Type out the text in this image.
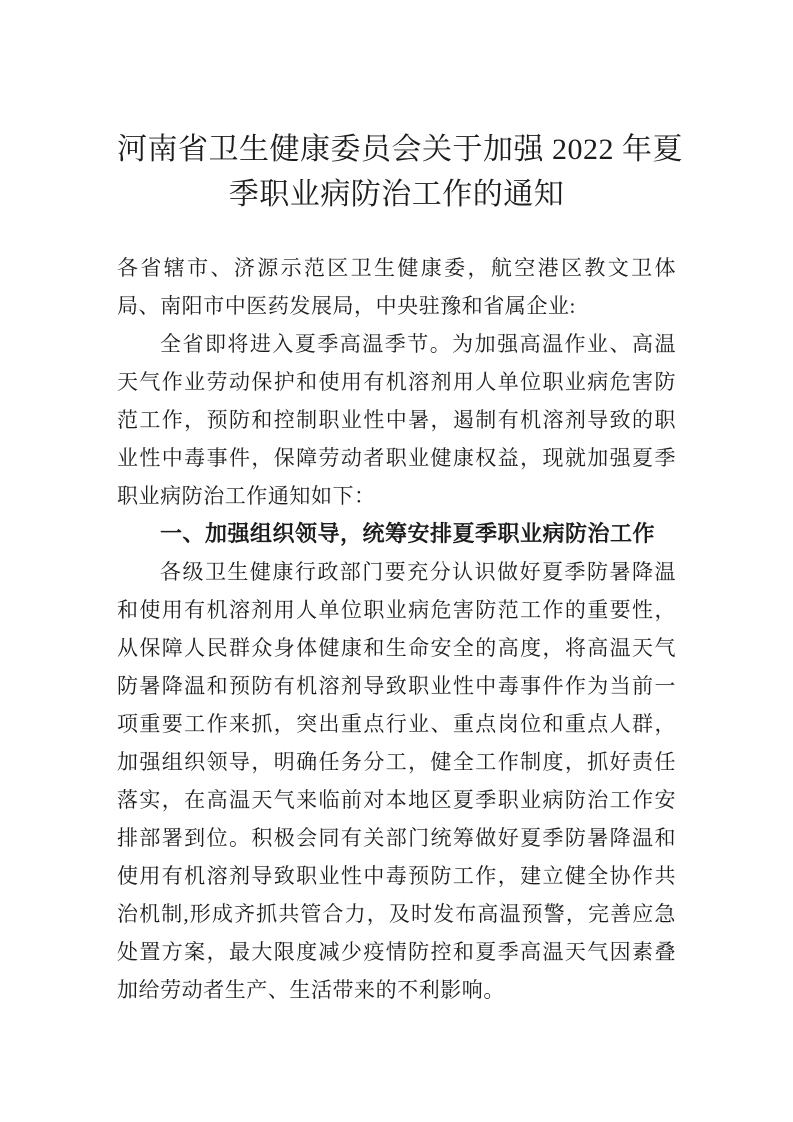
河南省卫生健康委员会关于加强 2022 年夏
季职业病防治工作的通知

各省辖市、济源示范区卫生健康委，航空港区教文卫体局、南阳市中医药发展局，中央驻豫和省属企业:

全省即将进入夏季高温季节。为加强高温作业、高温天气作业劳动保护和使用有机溶剂用人单位职业病危害防范工作，预防和控制职业性中暑，遏制有机溶剂导致的职业性中毒事件，保障劳动者职业健康权益，现就加强夏季职业病防治工作通知如下：

一、加强组织领导，统筹安排夏季职业病防治工作

各级卫生健康行政部门要充分认识做好夏季防暑降温和使用有机溶剂用人单位职业病危害防范工作的重要性，从保障人民群众身体健康和生命安全的高度，将高温天气防暑降温和预防有机溶剂导致职业性中毒事件作为当前一项重要工作来抓，突出重点行业、重点岗位和重点人群，加强组织领导，明确任务分工，健全工作制度，抓好责任落实，在高温天气来临前对本地区夏季职业病防治工作安排部署到位。积极会同有关部门统筹做好夏季防暑降温和使用有机溶剂导致职业性中毒预防工作，建立健全协作共治机制,形成齐抓共管合力，及时发布高温预警，完善应急处置方案，最大限度减少疫情防控和夏季高温天气因素叠加给劳动者生产、生活带来的不利影响。
